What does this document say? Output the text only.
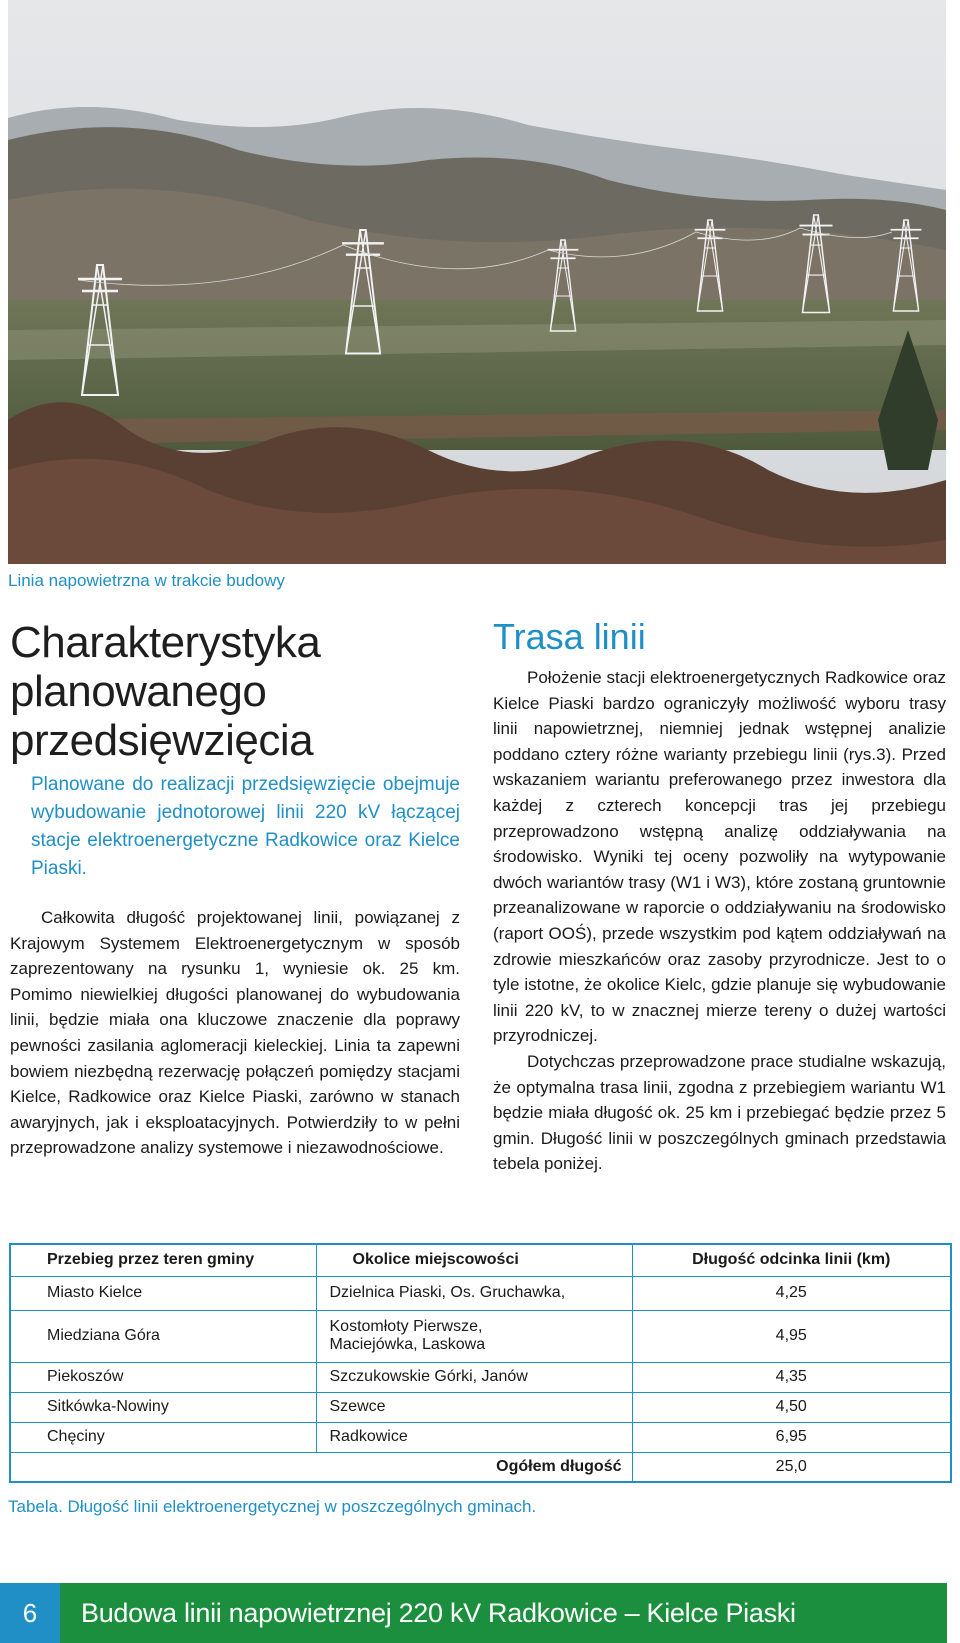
Linia napowietrzna w trakcie budowy
Charakterystyka
planowanego
przedsięwzięcia

Planowane do realizacji przedsięwzięcie obejmuje wybudowanie jednotorowej linii 220 kV łączącej stacje elektroenergetyczne Radkowice oraz Kielce Piaski.

Całkowita długość projektowanej linii, powiązanej z Krajowym Systemem Elektroenergetycznym w sposób zaprezentowany na rysunku 1, wyniesie ok. 25 km. Pomimo niewielkiej długości planowanej do wybudowania linii, będzie miała ona kluczowe znaczenie dla poprawy pewności zasilania aglomeracji kieleckiej. Linia ta zapewni bowiem niezbędną rezerwację połączeń pomiędzy stacjami Kielce, Radkowice oraz Kielce Piaski, zarówno w stanach awaryjnych, jak i eksploatacyjnych. Potwierdziły to w pełni przeprowadzone analizy systemowe i niezawodnościowe.

Trasa linii

Położenie stacji elektroenergetycznych Radkowice oraz Kielce Piaski bardzo ograniczyły możliwość wyboru trasy linii napowietrznej, niemniej jednak wstępnej analizie poddano cztery różne warianty przebiegu linii (rys.3). Przed wskazaniem wariantu preferowanego przez inwestora dla każdej z czterech koncepcji tras jej przebiegu przeprowadzono wstępną analizę oddziaływania na środowisko. Wyniki tej oceny pozwoliły na wytypowanie dwóch wariantów trasy (W1 i W3), które zostaną gruntownie przeanalizowane w raporcie o oddziaływaniu na środowisko (raport OOŚ), przede wszystkim pod kątem oddziaływań na zdrowie mieszkańców oraz zasoby przyrodnicze. Jest to o tyle istotne, że okolice Kielc, gdzie planuje się wybudowanie linii 220 kV, to w znacznej mierze tereny o dużej wartości przyrodniczej.

Dotychczas przeprowadzone prace studialne wskazują, że optymalna trasa linii, zgodna z przebiegiem wariantu W1 będzie miała długość ok. 25 km i przebiegać będzie przez 5 gmin. Długość linii w poszczególnych gminach przedstawia tebela poniżej.

Przebieg przez teren gminy	Okolice miejscowości	Długość odcinka linii (km)
Miasto Kielce	Dzielnica Piaski, Os. Gruchawka,	4,25
Miedziana Góra	Kostomłoty Pierwsze,
Maciejówka, Laskowa	4,95
Piekoszów	Szczukowskie Górki, Janów	4,35
Sitkówka-Nowiny	Szewce	4,50
Chęciny	Radkowice	6,95
	Ogółem długość	25,0
Tabela. Długość linii elektroenergetycznej w poszczególnych gminach.
6	Budowa linii napowietrznej 220 kV Radkowice – Kielce Piaski
